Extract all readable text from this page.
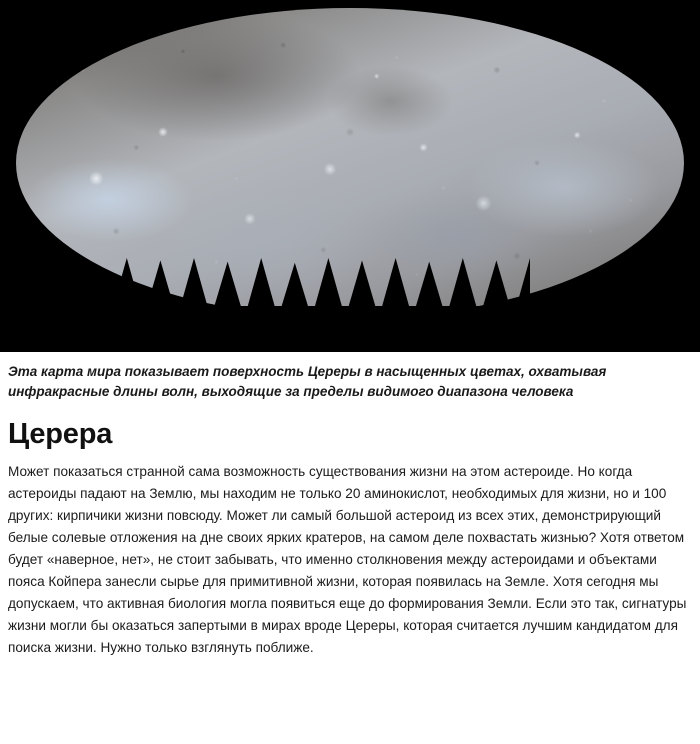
Эта карта мира показывает поверхность Цереры в насыщенных цветах, охватывая инфракрасные длины волн, выходящие за пределы видимого диапазона человека
Церера

Может показаться странной сама возможность существования жизни на этом астероиде. Но когда астероиды падают на Землю, мы находим не только 20 аминокислот, необходимых для жизни, но и 100 других: кирпичики жизни повсюду. Может ли самый большой астероид из всех этих, демонстрирующий белые солевые отложения на дне своих ярких кратеров, на самом деле похвастать жизнью? Хотя ответом будет «наверное, нет», не стоит забывать, что именно столкновения между астероидами и объектами пояса Койпера занесли сырье для примитивной жизни, которая появилась на Земле. Хотя сегодня мы допускаем, что активная биология могла появиться еще до формирования Земли. Если это так, сигнатуры жизни могли бы оказаться запертыми в мирах вроде Цереры, которая считается лучшим кандидатом для поиска жизни. Нужно только взглянуть поближе.
